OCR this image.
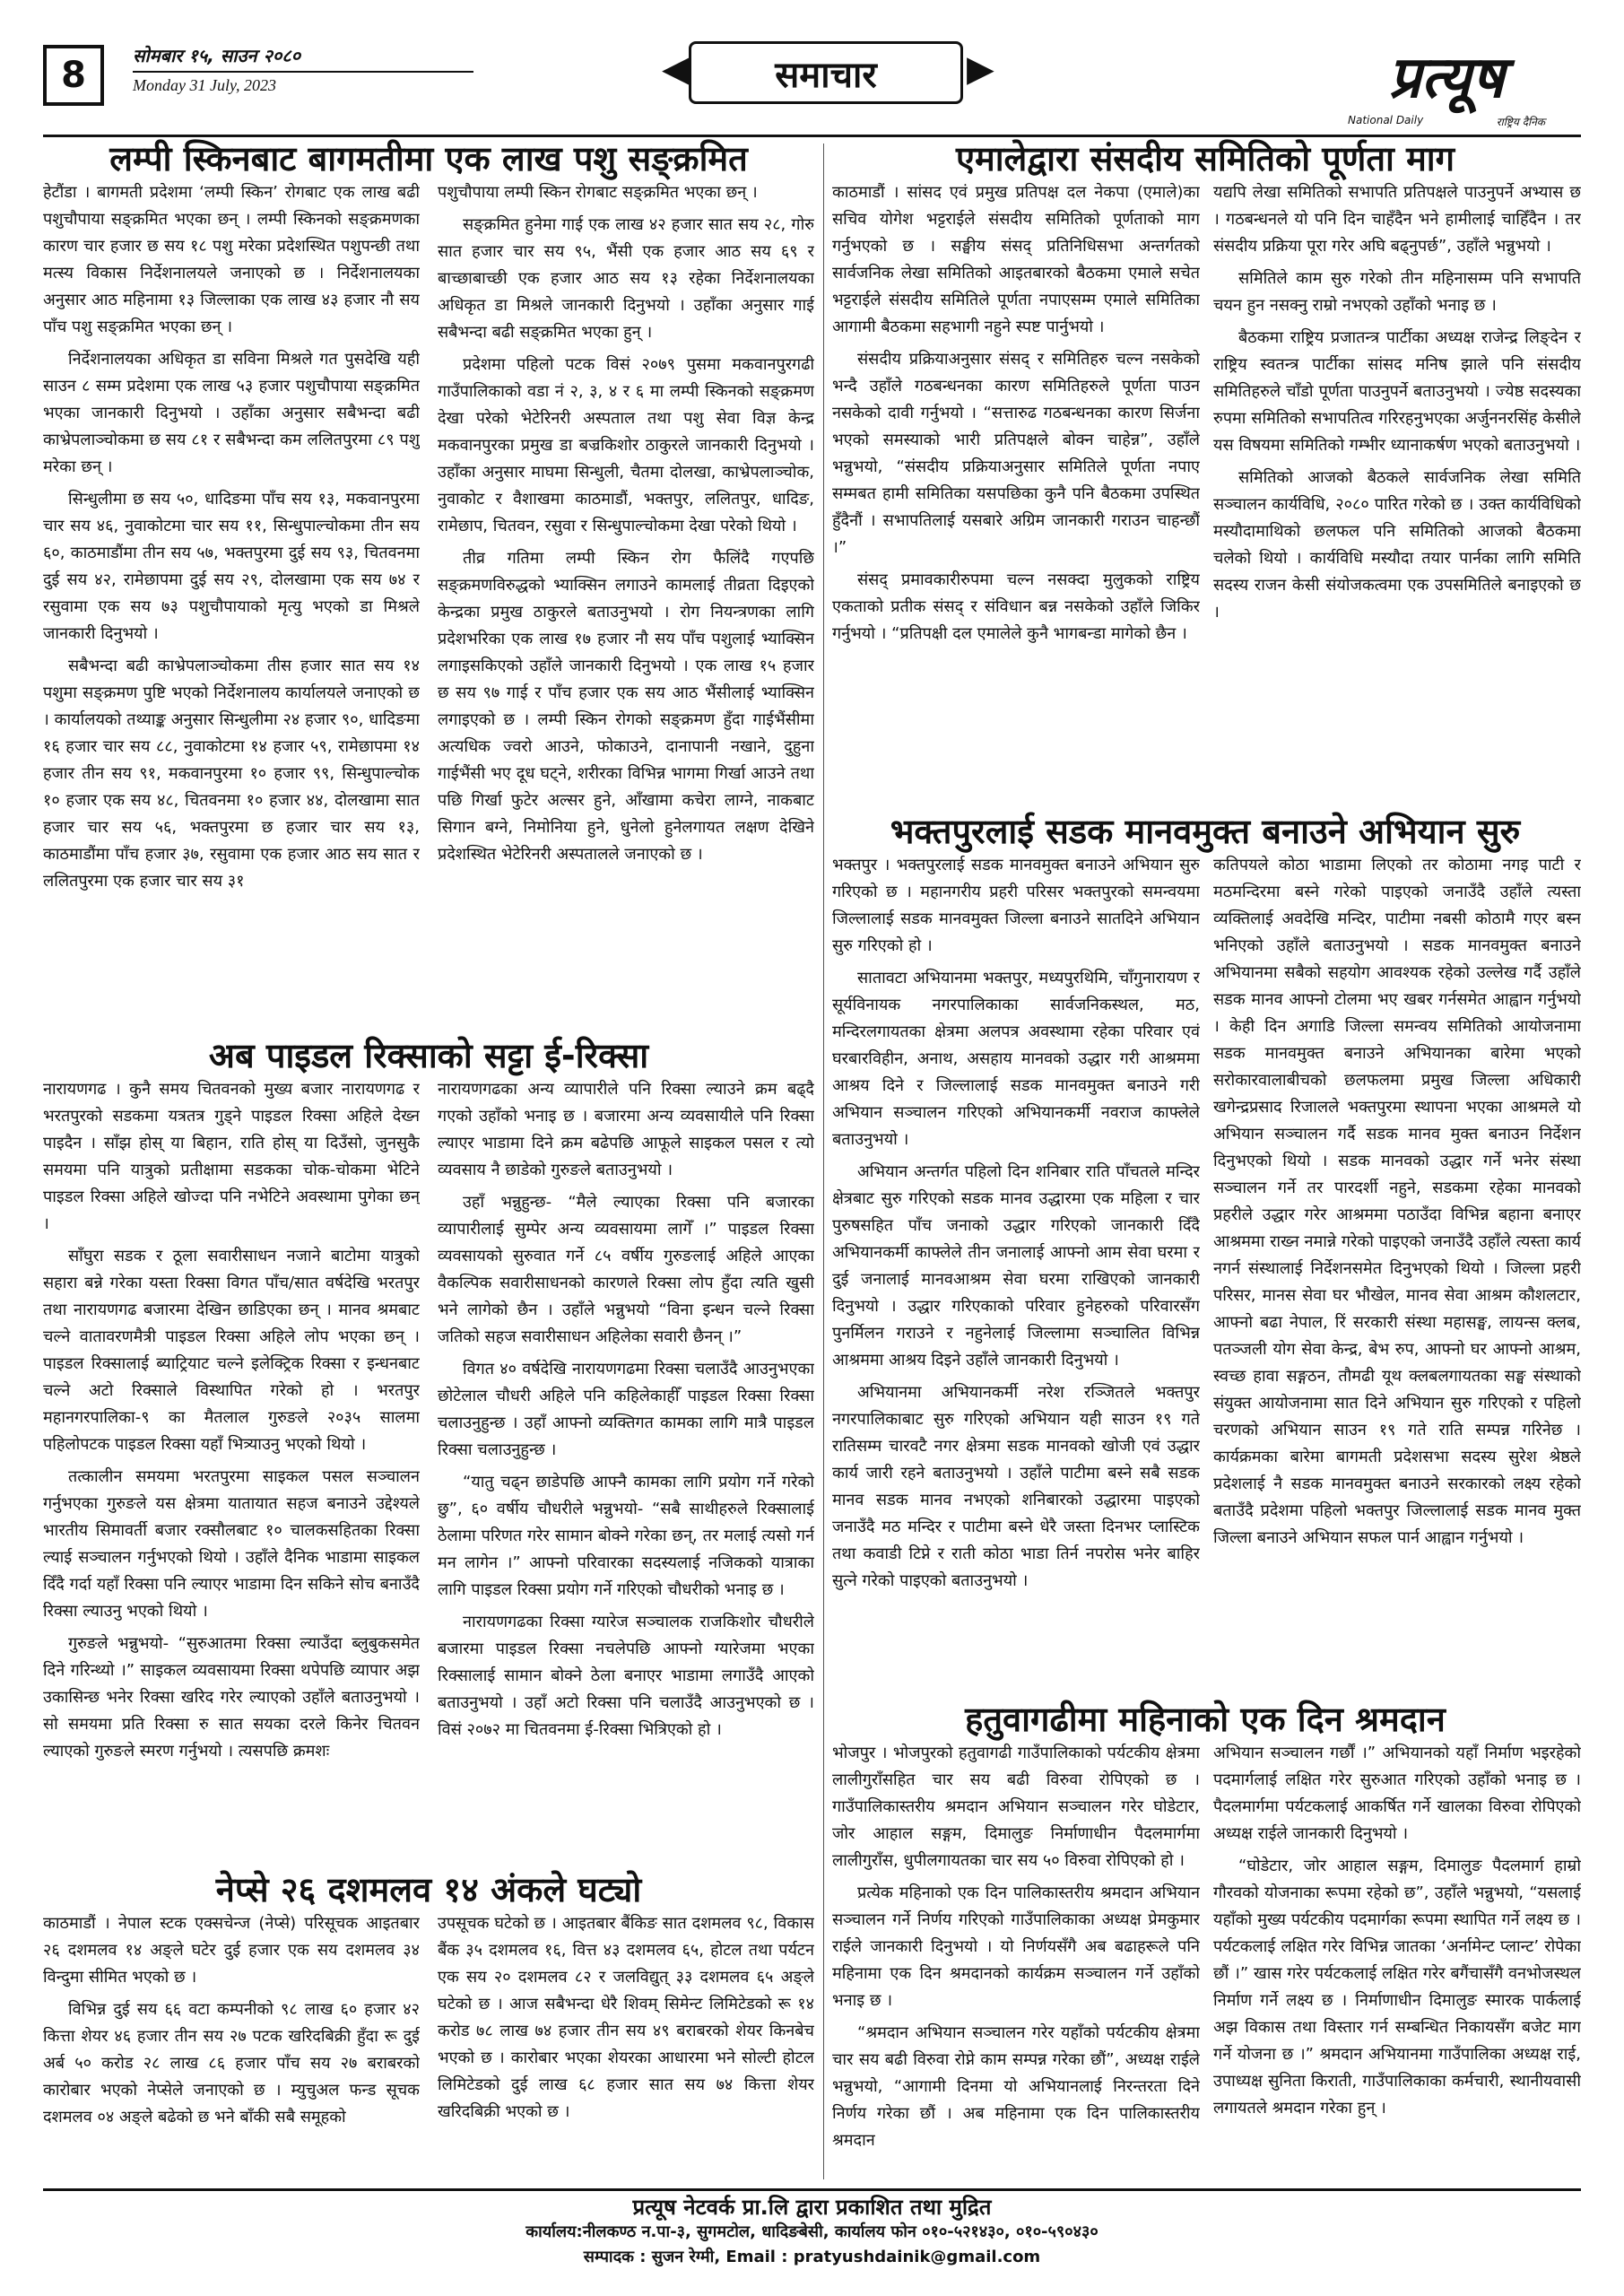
8	सोमबार १५, साउन २०८०
Monday 31 July, 2023	◀	समाचार	▶	प्रत्यूष
National Daily	राष्ट्रिय दैनिक
लम्पी स्किनबाट बागमतीमा एक लाख पशु सङ्क्रमित

हेटौंडा । बागमती प्रदेशमा ‘लम्पी स्किन’ रोगबाट एक लाख बढी पशुचौपाया सङ्क्रमित भएका छन् । लम्पी स्किनको सङ्क्रमणका कारण चार हजार छ सय १८ पशु मरेका प्रदेशस्थित पशुपन्छी तथा मत्स्य विकास निर्देशनालयले जनाएको छ । निर्देशनालयका अनुसार आठ महिनामा १३ जिल्लाका एक लाख ४३ हजार नौ सय पाँच पशु सङ्क्रमित भएका छन् ।

निर्देशनालयका अधिकृत डा सविना मिश्रले गत पुसदेखि यही साउन ८ सम्म प्रदेशमा एक लाख ५३ हजार पशुचौपाया सङ्क्रमित भएका जानकारी दिनुभयो । उहाँका अनुसार सबैभन्दा बढी काभ्रेपलाञ्चोकमा छ सय ८१ र सबैभन्दा कम ललितपुरमा ८९ पशु मरेका छन् ।

सिन्धुलीमा छ सय ५०, धादिङमा पाँच सय १३, मकवानपुरमा चार सय ४६, नुवाकोटमा चार सय ११, सिन्धुपाल्चोकमा तीन सय ६०, काठमाडौंमा तीन सय ५७, भक्तपुरमा दुई सय ९३, चितवनमा दुई सय ४२, रामेछापमा दुई सय २९, दोलखामा एक सय ७४ र रसुवामा एक सय ७३ पशुचौपायाको मृत्यु भएको डा मिश्रले जानकारी दिनुभयो ।

सबैभन्दा बढी काभ्रेपलाञ्चोकमा तीस हजार सात सय १४ पशुमा सङ्क्रमण पुष्टि भएको निर्देशनालय कार्यालयले जनाएको छ । कार्यालयको तथ्याङ्क अनुसार सिन्धुलीमा २४ हजार ९०, धादिङमा १६ हजार चार सय ८८, नुवाकोटमा १४ हजार ५९, रामेछापमा १४ हजार तीन सय ९१, मकवानपुरमा १० हजार ९९, सिन्धुपाल्चोक १० हजार एक सय ४८, चितवनमा १० हजार ४४, दोलखामा सात हजार चार सय ५६, भक्तपुरमा छ हजार चार सय १३, काठमाडौंमा पाँच हजार ३७, रसुवामा एक हजार आठ सय सात र ललितपुरमा एक हजार चार सय ३१

पशुचौपाया लम्पी स्किन रोगबाट सङ्क्रमित भएका छन् ।

सङ्क्रमित हुनेमा गाई एक लाख ४२ हजार सात सय २८, गोरु सात हजार चार सय ९५, भैंसी एक हजार आठ सय ६९ र बाच्छाबाच्छी एक हजार आठ सय १३ रहेका निर्देशनालयका अधिकृत डा मिश्रले जानकारी दिनुभयो । उहाँका अनुसार गाई सबैभन्दा बढी सङ्क्रमित भएका हुन् ।

प्रदेशमा पहिलो पटक विसं २०७९ पुसमा मकवानपुरगढी गाउँपालिकाको वडा नं २, ३, ४ र ६ मा लम्पी स्किनको सङ्क्रमण देखा परेको भेटेरिनरी अस्पताल तथा पशु सेवा विज्ञ केन्द्र मकवानपुरका प्रमुख डा बज्रकिशोर ठाकुरले जानकारी दिनुभयो । उहाँका अनुसार माघमा सिन्धुली, चैतमा दोलखा, काभ्रेपलाञ्चोक, नुवाकोट र वैशाखमा काठमाडौं, भक्तपुर, ललितपुर, धादिङ, रामेछाप, चितवन, रसुवा र सिन्धुपाल्चोकमा देखा परेको थियो ।

तीव्र गतिमा लम्पी स्किन रोग फैलिंदै गएपछि सङ्क्रमणविरुद्धको भ्याक्सिन लगाउने कामलाई तीव्रता दिइएको केन्द्रका प्रमुख ठाकुरले बताउनुभयो । रोग नियन्त्रणका लागि प्रदेशभरिका एक लाख १७ हजार नौ सय पाँच पशुलाई भ्याक्सिन लगाइसकिएको उहाँले जानकारी दिनुभयो । एक लाख १५ हजार छ सय ९७ गाई र पाँच हजार एक सय आठ भैंसीलाई भ्याक्सिन लगाइएको छ । लम्पी स्किन रोगको सङ्क्रमण हुँदा गाईभैंसीमा अत्यधिक ज्वरो आउने, फोकाउने, दानापानी नखाने, दुहुना गाईभैंसी भए दूध घट्ने, शरीरका विभिन्न भागमा गिर्खा आउने तथा पछि गिर्खा फुटेर अल्सर हुने, आँखामा कचेरा लाग्ने, नाकबाट सिगान बग्ने, निमोनिया हुने, धुनेलो हुनेलगायत लक्षण देखिने प्रदेशस्थित भेटेरिनरी अस्पतालले जनाएको छ ।

अब पाइडल रिक्साको सट्टा ई-रिक्सा

नारायणगढ । कुनै समय चितवनको मुख्य बजार नारायणगढ र भरतपुरको सडकमा यत्रतत्र गुड्ने पाइडल रिक्सा अहिले देख्न पाइदैन । साँझ होस् या बिहान, राति होस् या दिउँसो, जुनसुकै समयमा पनि यात्रुको प्रतीक्षामा सडकका चोक-चोकमा भेटिने पाइडल रिक्सा अहिले खोज्दा पनि नभेटिने अवस्थामा पुगेका छन् ।

साँघुरा सडक र ठूला सवारीसाधन नजाने बाटोमा यात्रुको सहारा बन्ने गरेका यस्ता रिक्सा विगत पाँच/सात वर्षदेखि भरतपुर तथा नारायणगढ बजारमा देखिन छाडिएका छन् । मानव श्रमबाट चल्ने वातावरणमैत्री पाइडल रिक्सा अहिले लोप भएका छन् । पाइडल रिक्सालाई ब्याट्रियाट चल्ने इलेक्ट्रिक रिक्सा र इन्धनबाट चल्ने अटो रिक्साले विस्थापित गरेको हो । भरतपुर महानगरपालिका-९ का मैतलाल गुरुङले २०३५ सालमा पहिलोपटक पाइडल रिक्सा यहाँ भित्र्याउनु भएको थियो ।

तत्कालीन समयमा भरतपुरमा साइकल पसल सञ्चालन गर्नुभएका गुरुङले यस क्षेत्रमा यातायात सहज बनाउने उद्देश्यले भारतीय सिमावर्ती बजार रक्सौलबाट १० चालकसहितका रिक्सा ल्याई सञ्चालन गर्नुभएको थियो । उहाँले दैनिक भाडामा साइकल दिँदै गर्दा यहाँ रिक्सा पनि ल्याएर भाडामा दिन सकिने सोच बनाउँदै रिक्सा ल्याउनु भएको थियो ।

गुरुङले भन्नुभयो- “सुरुआतमा रिक्सा ल्याउँदा ब्लुबुकसमेत दिने गरिन्थ्यो ।” साइकल व्यवसायमा रिक्सा थपेपछि व्यापार अझ उकासिन्छ भनेर रिक्सा खरिद गरेर ल्याएको उहाँले बताउनुभयो । सो समयमा प्रति रिक्सा रु सात सयका दरले किनेर चितवन ल्याएको गुरुङले स्मरण गर्नुभयो । त्यसपछि क्रमशः

नारायणगढका अन्य व्यापारीले पनि रिक्सा ल्याउने क्रम बढ्दै गएको उहाँको भनाइ छ । बजारमा अन्य व्यवसायीले पनि रिक्सा ल्याएर भाडामा दिने क्रम बढेपछि आफूले साइकल पसल र त्यो व्यवसाय नै छाडेको गुरुङले बताउनुभयो ।

उहाँ भन्नुहुन्छ- “मैले ल्याएका रिक्सा पनि बजारका व्यापारीलाई सुम्पेर अन्य व्यवसायमा लागेँ ।” पाइडल रिक्सा व्यवसायको सुरुवात गर्ने ८५ वर्षीय गुरुङलाई अहिले आएका वैकल्पिक सवारीसाधनको कारणले रिक्सा लोप हुँदा त्यति खुसी भने लागेको छैन । उहाँले भन्नुभयो “विना इन्धन चल्ने रिक्सा जतिको सहज सवारीसाधन अहिलेका सवारी छैनन् ।”

विगत ४० वर्षदेखि नारायणगढमा रिक्सा चलाउँदै आउनुभएका छोटेलाल चौधरी अहिले पनि कहिलेकाहीँ पाइडल रिक्सा रिक्सा चलाउनुहुन्छ । उहाँ आफ्नो व्यक्तिगत कामका लागि मात्रै पाइडल रिक्सा चलाउनुहुन्छ ।

“यातु चढ्न छाडेपछि आफ्नै कामका लागि प्रयोग गर्ने गरेको छु”, ६० वर्षीय चौधरीले भन्नुभयो- “सबै साथीहरुले रिक्सालाई ठेलामा परिणत गरेर सामान बोक्ने गरेका छन्, तर मलाई त्यसो गर्न मन लागेन ।” आफ्नो परिवारका सदस्यलाई नजिकको यात्राका लागि पाइडल रिक्सा प्रयोग गर्ने गरिएको चौधरीको भनाइ छ ।

नारायणगढका रिक्सा ग्यारेज सञ्चालक राजकिशोर चौधरीले बजारमा पाइडल रिक्सा नचलेपछि आफ्नो ग्यारेजमा भएका रिक्सालाई सामान बोक्ने ठेला बनाएर भाडामा लगाउँदै आएको बताउनुभयो । उहाँ अटो रिक्सा पनि चलाउँदै आउनुभएको छ । विसं २०७२ मा चितवनमा ई-रिक्सा भित्रिएको हो ।

नेप्से २६ दशमलव १४ अंकले घट्यो

काठमाडौं । नेपाल स्टक एक्सचेन्ज (नेप्से) परिसूचक आइतबार २६ दशमलव १४ अङ्ले घटेर दुई हजार एक सय दशमलव ३४ विन्दुमा सीमित भएको छ ।

विभिन्न दुई सय ६६ वटा कम्पनीको ९८ लाख ६० हजार ४२ कित्ता शेयर ४६ हजार तीन सय २७ पटक खरिदबिक्री हुँदा रू दुई अर्ब ५० करोड २८ लाख ८६ हजार पाँच सय २७ बराबरको कारोबार भएको नेप्सेले जनाएको छ । म्युचुअल फन्ड सूचक दशमलव ०४ अङ्ले बढेको छ भने बाँकी सबै समूहको

उपसूचक घटेको छ । आइतबार बैंकिङ सात दशमलव ९८, विकास बैंक ३५ दशमलव १६, वित्त ४३ दशमलव ६५, होटल तथा पर्यटन एक सय २० दशमलव ८२ र जलविद्युत् ३३ दशमलव ६५ अङ्ले घटेको छ । आज सबैभन्दा धेरै शिवम् सिमेन्ट लिमिटेडको रू १४ करोड ७८ लाख ७४ हजार तीन सय ४९ बराबरको शेयर किनबेच भएको छ । कारोबार भएका शेयरका आधारमा भने सोल्टी होटल लिमिटेडको दुई लाख ६८ हजार सात सय ७४ कित्ता शेयर खरिदबिक्री भएको छ ।

एमालेद्वारा संसदीय समितिको पूर्णता माग

काठमाडौं । सांसद एवं प्रमुख प्रतिपक्ष दल नेकपा (एमाले)का सचिव योगेश भट्टराईले संसदीय समितिको पूर्णताको माग गर्नुभएको छ । सङ्घीय संसद् प्रतिनिधिसभा अन्तर्गतको सार्वजनिक लेखा समितिको आइतबारको बैठकमा एमाले सचेत भट्टराईले संसदीय समितिले पूर्णता नपाएसम्म एमाले समितिका आगामी बैठकमा सहभागी नहुने स्पष्ट पार्नुभयो ।

संसदीय प्रक्रियाअनुसार संसद् र समितिहरु चल्न नसकेको भन्दै उहाँले गठबन्धनका कारण समितिहरुले पूर्णता पाउन नसकेको दावी गर्नुभयो । “सत्तारुढ गठबन्धनका कारण सिर्जना भएको समस्याको भारी प्रतिपक्षले बोक्न चाहेन्न”, उहाँले भन्नुभयो, “संसदीय प्रक्रियाअनुसार समितिले पूर्णता नपाए सम्मबत हामी समितिका यसपछिका कुनै पनि बैठकमा उपस्थित हुँदैनौं । सभापतिलाई यसबारे अग्रिम जानकारी गराउन चाहन्छौं ।”

संसद् प्रमावकारीरुपमा चल्न नसक्दा मुलुकको राष्ट्रिय एकताको प्रतीक संसद् र संविधान बन्न नसकेको उहाँले जिकिर गर्नुभयो । “प्रतिपक्षी दल एमालेले कुनै भागबन्डा मागेको छैन ।

यद्यपि लेखा समितिको सभापति प्रतिपक्षले पाउनुपर्ने अभ्यास छ । गठबन्धनले यो पनि दिन चाहँदैन भने हामीलाई चाहिँदैन । तर संसदीय प्रक्रिया पूरा गरेर अघि बढ्नुपर्छ”, उहाँले भन्नुभयो ।

समितिले काम सुरु गरेको तीन महिनासम्म पनि सभापति चयन हुन नसक्नु राम्रो नभएको उहाँको भनाइ छ ।

बैठकमा राष्ट्रिय प्रजातन्त्र पार्टीका अध्यक्ष राजेन्द्र लिङ्देन र राष्ट्रिय स्वतन्त्र पार्टीका सांसद मनिष झाले पनि संसदीय समितिहरुले चाँडो पूर्णता पाउनुपर्ने बताउनुभयो । ज्येष्ठ सदस्यका रुपमा समितिको सभापतित्व गरिरहनुभएका अर्जुननरसिंह केसीले यस विषयमा समितिको गम्भीर ध्यानाकर्षण भएको बताउनुभयो ।

समितिको आजको बैठकले सार्वजनिक लेखा समिति सञ्चालन कार्यविधि, २०८० पारित गरेको छ । उक्त कार्यविधिको मस्यौदामाथिको छलफल पनि समितिको आजको बैठकमा चलेको थियो । कार्यविधि मस्यौदा तयार पार्नका लागि समिति सदस्य राजन केसी संयोजकत्वमा एक उपसमितिले बनाइएको छ ।

भक्तपुरलाई सडक मानवमुक्त बनाउने अभियान सुरु

भक्तपुर । भक्तपुरलाई सडक मानवमुक्त बनाउने अभियान सुरु गरिएको छ । महानगरीय प्रहरी परिसर भक्तपुरको समन्वयमा जिल्लालाई सडक मानवमुक्त जिल्ला बनाउने सातदिने अभियान सुरु गरिएको हो ।

सातावटा अभियानमा भक्तपुर, मध्यपुरथिमि, चाँगुनारायण र सूर्यविनायक नगरपालिकाका सार्वजनिकस्थल, मठ, मन्दिरलगायतका क्षेत्रमा अलपत्र अवस्थामा रहेका परिवार एवं घरबारविहीन, अनाथ, असहाय मानवको उद्धार गरी आश्रममा आश्रय दिने र जिल्लालाई सडक मानवमुक्त बनाउने गरी अभियान सञ्चालन गरिएको अभियानकर्मी नवराज काफ्लेले बताउनुभयो ।

अभियान अन्तर्गत पहिलो दिन शनिबार राति पाँचतले मन्दिर क्षेत्रबाट सुरु गरिएको सडक मानव उद्धारमा एक महिला र चार पुरुषसहित पाँच जनाको उद्धार गरिएको जानकारी दिँदै अभियानकर्मी काफ्लेले तीन जनालाई आफ्नो आम सेवा घरमा र दुई जनालाई मानवआश्रम सेवा घरमा राखिएको जानकारी दिनुभयो । उद्धार गरिएकाको परिवार हुनेहरुको परिवारसँग पुनर्मिलन गराउने र नहुनेलाई जिल्लामा सञ्चालित विभिन्न आश्रममा आश्रय दिइने उहाँले जानकारी दिनुभयो ।

अभियानमा अभियानकर्मी नरेश रञ्जितले भक्तपुर नगरपालिकाबाट सुरु गरिएको अभियान यही साउन १९ गते रातिसम्म चारवटै नगर क्षेत्रमा सडक मानवको खोजी एवं उद्धार कार्य जारी रहने बताउनुभयो । उहाँले पाटीमा बस्ने सबै सडक मानव सडक मानव नभएको शनिबारको उद्धारमा पाइएको जनाउँदै मठ मन्दिर र पाटीमा बस्ने धेरै जस्ता दिनभर प्लास्टिक तथा कवाडी टिप्ने र राती कोठा भाडा तिर्न नपरोस भनेर बाहिर सुत्ने गरेको पाइएको बताउनुभयो ।

कतिपयले कोठा भाडामा लिएको तर कोठामा नगइ पाटी र मठमन्दिरमा बस्ने गरेको पाइएको जनाउँदै उहाँले त्यस्ता व्यक्तिलाई अवदेखि मन्दिर, पाटीमा नबसी कोठामै गएर बस्न भनिएको उहाँले बताउनुभयो । सडक मानवमुक्त बनाउने अभियानमा सबैको सहयोग आवश्यक रहेको उल्लेख गर्दै उहाँले सडक मानव आफ्नो टोलमा भए खबर गर्नसमेत आह्वान गर्नुभयो । केही दिन अगाडि जिल्ला समन्वय समितिको आयोजनामा सडक मानवमुक्त बनाउने अभियानका बारेमा भएको सरोकारवालाबीचको छलफलमा प्रमुख जिल्ला अधिकारी खगेन्द्रप्रसाद रिजालले भक्तपुरमा स्थापना भएका आश्रमले यो अभियान सञ्चालन गर्दै सडक मानव मुक्त बनाउन निर्देशन दिनुभएको थियो । सडक मानवको उद्धार गर्ने भनेर संस्था सञ्चालन गर्ने तर पारदर्शी नहुने, सडकमा रहेका मानवको प्रहरीले उद्धार गरेर आश्रममा पठाउँदा विभिन्न बहाना बनाएर आश्रममा राख्न नमान्ने गरेको पाइएको जनाउँदै उहाँले त्यस्ता कार्य नगर्न संस्थालाई निर्देशनसमेत दिनुभएको थियो । जिल्ला प्रहरी परिसर, मानस सेवा घर भौखेल, मानव सेवा आश्रम कौशलटार, आफ्नो बढा नेपाल, रिं सरकारी संस्था महासङ्घ, लायन्स क्लब, पतञ्जली योग सेवा केन्द्र, बेभ रुप, आफ्नो घर आफ्नो आश्रम, स्वच्छ हावा सङ्गठन, तौमढी यूथ क्लबलगायतका सङ्घ संस्थाको संयुक्त आयोजनामा सात दिने अभियान सुरु गरिएको र पहिलो चरणको अभियान साउन १९ गते राति सम्पन्न गरिनेछ । कार्यक्रमका बारेमा बागमती प्रदेशसभा सदस्य सुरेश श्रेष्ठले प्रदेशलाई नै सडक मानवमुक्त बनाउने सरकारको लक्ष्य रहेको बताउँदै प्रदेशमा पहिलो भक्तपुर जिल्लालाई सडक मानव मुक्त जिल्ला बनाउने अभियान सफल पार्न आह्वान गर्नुभयो ।

हतुवागढीमा महिनाको एक दिन श्रमदान

भोजपुर । भोजपुरको हतुवागढी गाउँपालिकाको पर्यटकीय क्षेत्रमा लालीगुराँसहित चार सय बढी विरुवा रोपिएको छ । गाउँपालिकास्तरीय श्रमदान अभियान सञ्चालन गरेर घोडेटार, जोर आहाल सङ्गम, दिमालुङ निर्माणाधीन पैदलमार्गमा लालीगुराँस, धुपीलगायतका चार सय ५० विरुवा रोपिएको हो ।

प्रत्येक महिनाको एक दिन पालिकास्तरीय श्रमदान अभियान सञ्चालन गर्ने निर्णय गरिएको गाउँपालिकाका अध्यक्ष प्रेमकुमार राईले जानकारी दिनुभयो । यो निर्णयसँगै अब बढाहरूले पनि महिनामा एक दिन श्रमदानको कार्यक्रम सञ्चालन गर्ने उहाँको भनाइ छ ।

“श्रमदान अभियान सञ्चालन गरेर यहाँको पर्यटकीय क्षेत्रमा चार सय बढी विरुवा रोप्ने काम सम्पन्न गरेका छौं”, अध्यक्ष राईले भन्नुभयो, “आगामी दिनमा यो अभियानलाई निरन्तरता दिने निर्णय गरेका छौं । अब महिनामा एक दिन पालिकास्तरीय श्रमदान

अभियान सञ्चालन गर्छौं ।” अभियानको यहाँ निर्माण भइरहेको पदमार्गलाई लक्षित गरेर सुरुआत गरिएको उहाँको भनाइ छ । पैदलमार्गमा पर्यटकलाई आकर्षित गर्ने खालका विरुवा रोपिएको अध्यक्ष राईले जानकारी दिनुभयो ।

“घोडेटार, जोर आहाल सङ्गम, दिमालुङ पैदलमार्ग हाम्रो गौरवको योजनाका रूपमा रहेको छ”, उहाँले भन्नुभयो, “यसलाई यहाँको मुख्य पर्यटकीय पदमार्गका रूपमा स्थापित गर्ने लक्ष्य छ । पर्यटकलाई लक्षित गरेर विभिन्न जातका ‘अर्नामेन्ट प्लान्ट’ रोपेका छौं ।” खास गरेर पर्यटकलाई लक्षित गरेर बगैंचासँगै वनभोजस्थल निर्माण गर्ने लक्ष्य छ । निर्माणाधीन दिमालुङ स्मारक पार्कलाई अझ विकास तथा विस्तार गर्न सम्बन्धित निकायसँग बजेट माग गर्ने योजना छ ।” श्रमदान अभियानमा गाउँपालिका अध्यक्ष राई, उपाध्यक्ष सुनिता किराती, गाउँपालिकाका कर्मचारी, स्थानीयवासी लगायतले श्रमदान गरेका हुन् ।

प्रत्यूष नेटवर्क प्रा.लि द्वारा प्रकाशित तथा मुद्रित
कार्यालय:नीलकण्ठ न.पा-३, सुगमटोल, धादिङबेसी, कार्यालय फोन ०१०-५२१४३०, ०१०-५९०४३०
सम्पादक : सुजन रेग्मी, Email : pratyushdainik@gmail.com
